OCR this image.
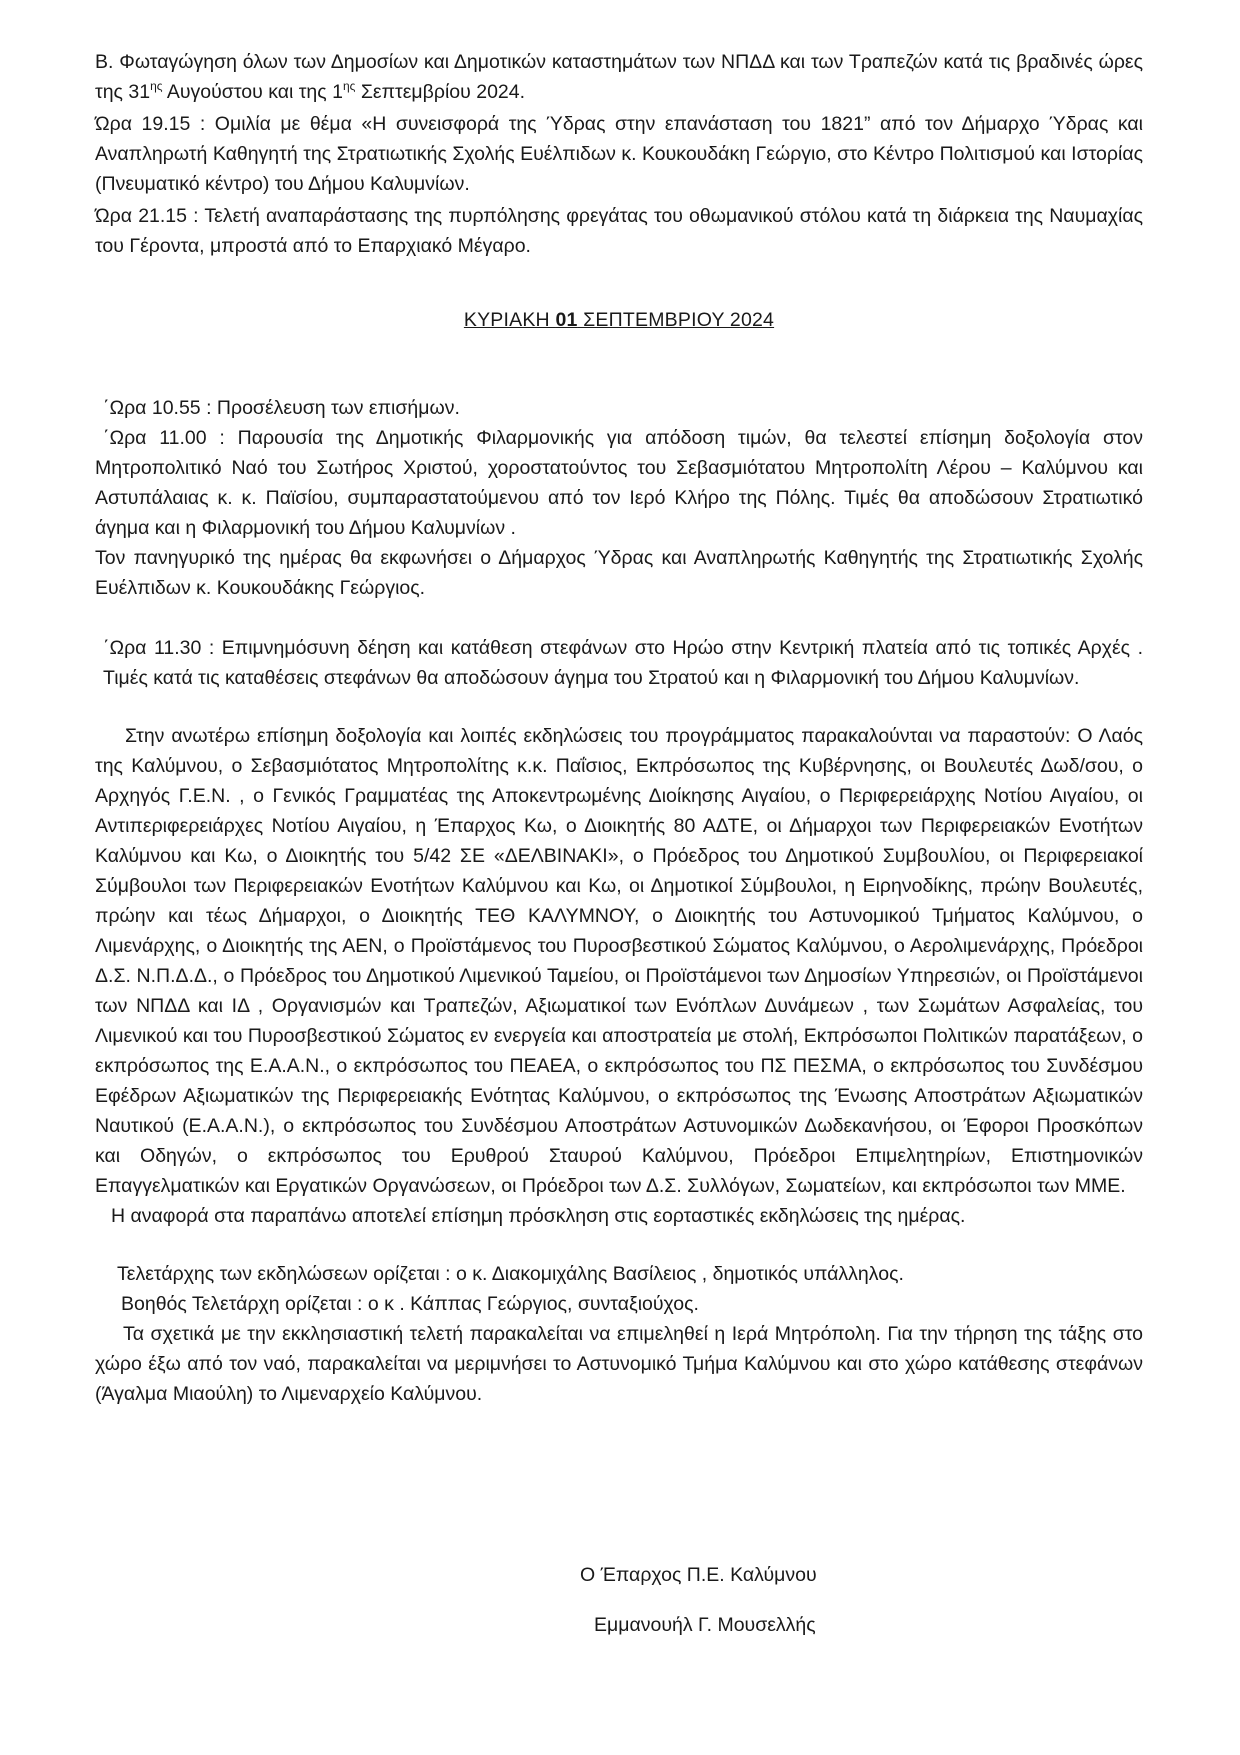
Β. Φωταγώγηση όλων των Δημοσίων και Δημοτικών καταστημάτων των ΝΠΔΔ και των Τραπεζών κατά τις βραδινές ώρες της $31^{\eta\varsigma}$ Αυγούστου και της $1^{\eta\varsigma}$ Σεπτεμβρίου 2024.

Ώρα 19.15 : Ομιλία με θέμα «Η συνεισφορά της Ύδρας στην επανάσταση του 1821” από τον Δήμαρχο Ύδρας και Αναπληρωτή Καθηγητή της Στρατιωτικής Σχολής Ευέλπιδων κ. Κουκουδάκη Γεώργιο, στο Κέντρο Πολιτισμού και Ιστορίας (Πνευματικό κέντρο) του Δήμου Καλυμνίων.

Ώρα 21.15 : Τελετή αναπαράστασης της πυρπόλησης φρεγάτας του οθωμανικού στόλου κατά τη διάρκεια της Ναυμαχίας του Γέροντα, μπροστά από το Επαρχιακό Μέγαρο.

ΚΥΡΙΑΚΗ 01 ΣΕΠΤΕΜΒΡΙΟΥ 2024

΄Ωρα 10.55 : Προσέλευση των επισήμων.

΄Ωρα 11.00 : Παρουσία της Δημοτικής Φιλαρμονικής για απόδοση τιμών, θα τελεστεί επίσημη δοξολογία στον Μητροπολιτικό Ναό του Σωτήρος Χριστού, χοροστατούντος του Σεβασμιότατου Μητροπολίτη Λέρου – Καλύμνου και Αστυπάλαιας κ. κ. Παϊσίου, συμπαραστατούμενου από τον Ιερό Κλήρο της Πόλης. Τιμές θα αποδώσουν Στρατιωτικό άγημα και η Φιλαρμονική του Δήμου Καλυμνίων .

Τον πανηγυρικό της ημέρας θα εκφωνήσει ο Δήμαρχος Ύδρας και Αναπληρωτής Καθηγητής της Στρατιωτικής Σχολής Ευέλπιδων κ. Κουκουδάκης Γεώργιος.

΄Ωρα 11.30 : Επιμνημόσυνη δέηση και κατάθεση στεφάνων στο Ηρώο στην Κεντρική πλατεία από τις τοπικές Αρχές . Τιμές κατά τις καταθέσεις στεφάνων θα αποδώσουν άγημα του Στρατού και η Φιλαρμονική του Δήμου Καλυμνίων.

Στην ανωτέρω επίσημη δοξολογία και λοιπές εκδηλώσεις του προγράμματος παρακαλούνται να παραστούν: Ο Λαός της Καλύμνου, ο Σεβασμιότατος Μητροπολίτης κ.κ. Παΐσιος, Εκπρόσωπος της Κυβέρνησης, οι Βουλευτές Δωδ/σου, ο Αρχηγός Γ.Ε.Ν. , ο Γενικός Γραμματέας της Αποκεντρωμένης Διοίκησης Αιγαίου, ο Περιφερειάρχης Νοτίου Αιγαίου, οι Αντιπεριφερειάρχες Νοτίου Αιγαίου, η Έπαρχος Κω, ο Διοικητής 80 ΑΔΤΕ, οι Δήμαρχοι των Περιφερειακών Ενοτήτων Καλύμνου και Κω, ο Διοικητής του 5/42 ΣΕ «ΔΕΛΒΙΝΑΚΙ», ο Πρόεδρος του Δημοτικού Συμβουλίου, οι Περιφερειακοί Σύμβουλοι των Περιφερειακών Ενοτήτων Καλύμνου και Κω, οι Δημοτικοί Σύμβουλοι, η Ειρηνοδίκης, πρώην Βουλευτές, πρώην και τέως Δήμαρχοι, ο Διοικητής ΤΕΘ ΚΑΛΥΜΝΟΥ, ο Διοικητής του Αστυνομικού Τμήματος Καλύμνου, ο Λιμενάρχης, ο Διοικητής της ΑΕΝ, ο Προϊστάμενος του Πυροσβεστικού Σώματος Καλύμνου, ο Αερολιμενάρχης, Πρόεδροι Δ.Σ. Ν.Π.Δ.Δ., ο Πρόεδρος του Δημοτικού Λιμενικού Ταμείου, οι Προϊστάμενοι των Δημοσίων Υπηρεσιών, οι Προϊστάμενοι των ΝΠΔΔ και ΙΔ , Οργανισμών και Τραπεζών, Αξιωματικοί των Ενόπλων Δυνάμεων , των Σωμάτων Ασφαλείας, του Λιμενικού και του Πυροσβεστικού Σώματος εν ενεργεία και αποστρατεία με στολή, Εκπρόσωποι Πολιτικών παρατάξεων, ο εκπρόσωπος της Ε.Α.Α.Ν., ο εκπρόσωπος του ΠΕΑΕΑ, ο εκπρόσωπος του ΠΣ ΠΕΣΜΑ, ο εκπρόσωπος του Συνδέσμου Εφέδρων Αξιωματικών της Περιφερειακής Ενότητας Καλύμνου, ο εκπρόσωπος της Ένωσης Αποστράτων Αξιωματικών Ναυτικού (Ε.Α.Α.Ν.), ο εκπρόσωπος του Συνδέσμου Αποστράτων Αστυνομικών Δωδεκανήσου, οι Έφοροι Προσκόπων και Οδηγών, ο εκπρόσωπος του Ερυθρού Σταυρού Καλύμνου, Πρόεδροι Επιμελητηρίων, Επιστημονικών Επαγγελματικών και Εργατικών Οργανώσεων, οι Πρόεδροι των Δ.Σ. Συλλόγων, Σωματείων, και εκπρόσωποι των ΜΜΕ.

Η αναφορά στα παραπάνω αποτελεί επίσημη πρόσκληση στις εορταστικές εκδηλώσεις της ημέρας.

Τελετάρχης των εκδηλώσεων ορίζεται : ο κ. Διακομιχάλης Βασίλειος , δημοτικός υπάλληλος.

Βοηθός Τελετάρχη ορίζεται : ο κ . Κάππας Γεώργιος, συνταξιούχος.

Τα σχετικά με την εκκλησιαστική τελετή παρακαλείται να επιμεληθεί η Ιερά Μητρόπολη. Για την τήρηση της τάξης στο χώρο έξω από τον ναό, παρακαλείται να μεριμνήσει το Αστυνομικό Τμήμα Καλύμνου και στο χώρο κατάθεσης στεφάνων (Άγαλμα Μιαούλη) το Λιμεναρχείο Καλύμνου.

Ο Έπαρχος Π.Ε. Καλύμνου
Εμμανουήλ Γ. Μουσελλής
